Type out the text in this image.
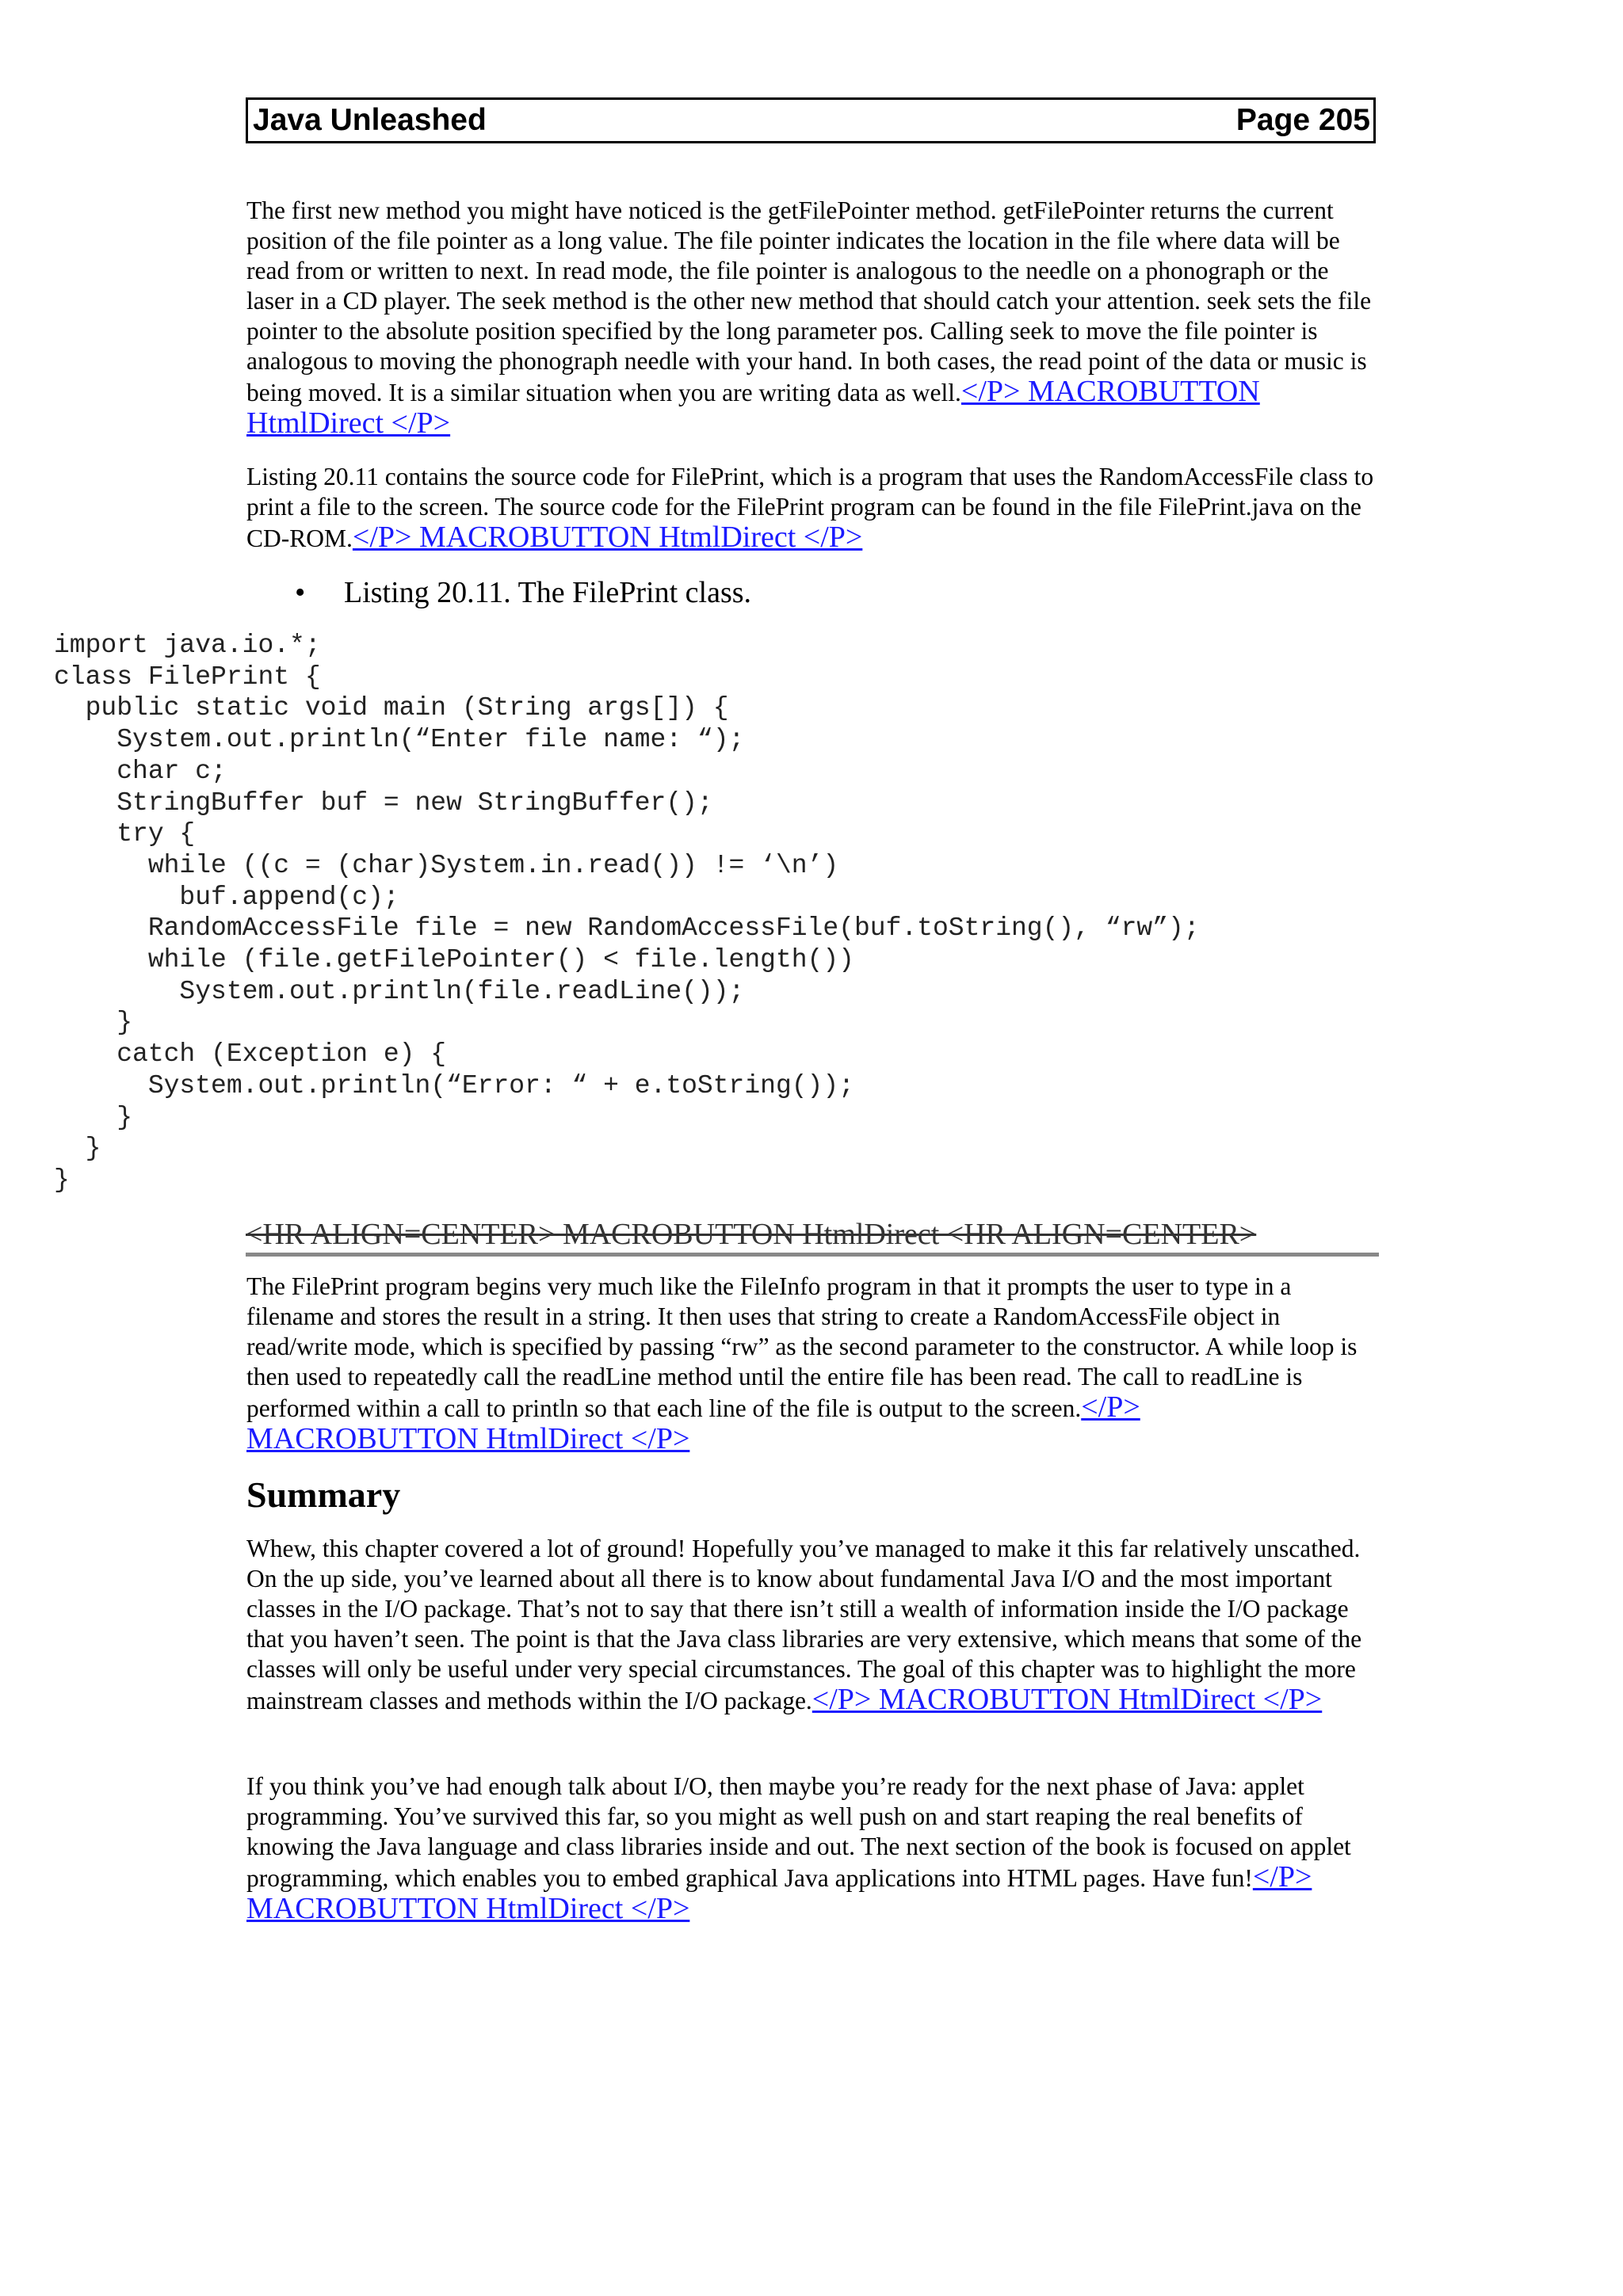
Java Unleashed	Page 205

The first new method you might have noticed is the getFilePointer method. getFilePointer returns the current position of the file pointer as a long value. The file pointer indicates the location in the file where data will be read from or written to next. In read mode, the file pointer is analogous to the needle on a phonograph or the laser in a CD player. The seek method is the other new method that should catch your attention. seek sets the file pointer to the absolute position specified by the long parameter pos. Calling seek to move the file pointer is analogous to moving the phonograph needle with your hand. In both cases, the read point of the data or music is being moved. It is a similar situation when you are writing data as well.</P> MACROBUTTON HtmlDirect </P>

Listing 20.11 contains the source code for FilePrint, which is a program that uses the RandomAccessFile class to print a file to the screen. The source code for the FilePrint program can be found in the file FilePrint.java on the CD-ROM.</P> MACROBUTTON HtmlDirect </P>

• Listing 20.11. The FilePrint class.
import java.io.*;
class FilePrint {
public static void main (String args[]) {
System.out.println(“Enter file name: “);
char c;
StringBuffer buf = new StringBuffer();
try {
while ((c = (char)System.in.read()) != ‘\n’)
buf.append(c);
RandomAccessFile file = new RandomAccessFile(buf.toString(), “rw”);
while (file.getFilePointer() < file.length())
System.out.println(file.readLine());
}
catch (Exception e) {
System.out.println(“Error: “ + e.toString());
}
}
}
<HR ALIGN=CENTER> MACROBUTTON HtmlDirect <HR ALIGN=CENTER>

The FilePrint program begins very much like the FileInfo program in that it prompts the user to type in a filename and stores the result in a string. It then uses that string to create a RandomAccessFile object in read/write mode, which is specified by passing “rw” as the second parameter to the constructor. A while loop is then used to repeatedly call the readLine method until the entire file has been read. The call to readLine is performed within a call to println so that each line of the file is output to the screen.</P> MACROBUTTON HtmlDirect </P>

Summary

Whew, this chapter covered a lot of ground! Hopefully you’ve managed to make it this far relatively unscathed. On the up side, you’ve learned about all there is to know about fundamental Java I/O and the most important classes in the I/O package. That’s not to say that there isn’t still a wealth of information inside the I/O package that you haven’t seen. The point is that the Java class libraries are very extensive, which means that some of the classes will only be useful under very special circumstances. The goal of this chapter was to highlight the more mainstream classes and methods within the I/O package.</P> MACROBUTTON HtmlDirect </P>

If you think you’ve had enough talk about I/O, then maybe you’re ready for the next phase of Java: applet programming. You’ve survived this far, so you might as well push on and start reaping the real benefits of knowing the Java language and class libraries inside and out. The next section of the book is focused on applet programming, which enables you to embed graphical Java applications into HTML pages. Have fun!</P> MACROBUTTON HtmlDirect </P>
